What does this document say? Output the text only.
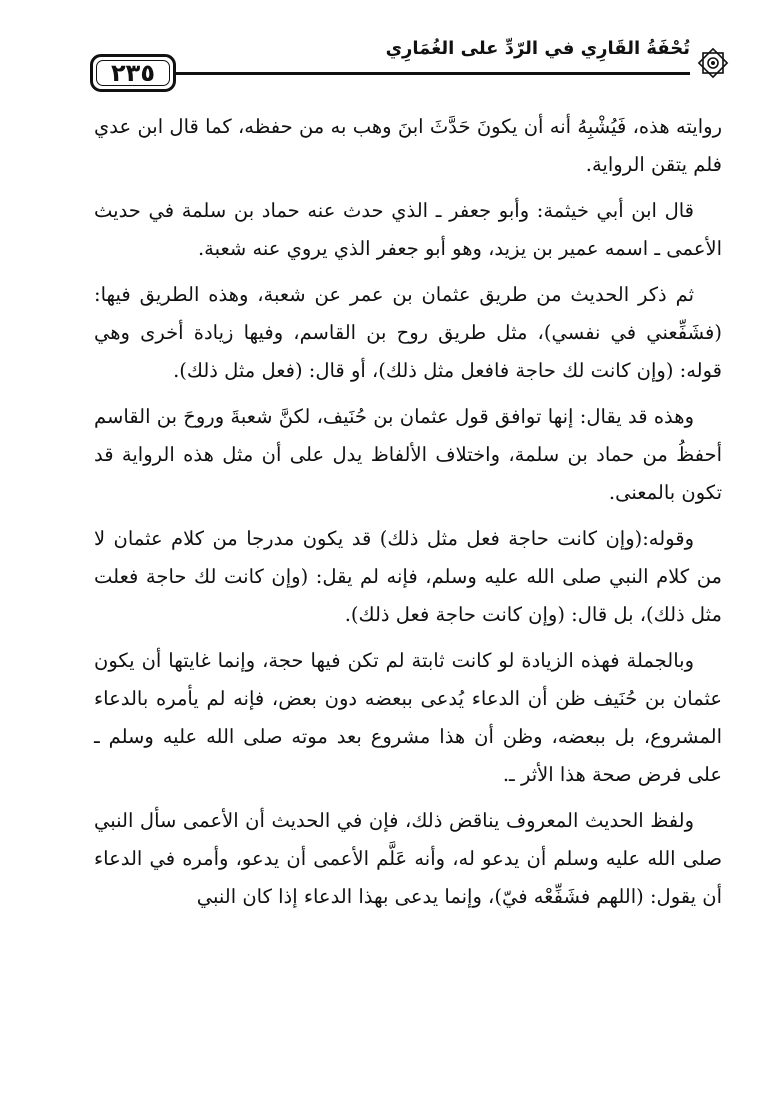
٢٣٥
تُحْفَةُ القَارِي في الرّدِّ على الغُمَارِي

روايته هذه، فَيُشْبِهُ أنه أن يكونَ حَدَّثَ ابنَ وهب به من حفظه، كما قال ابن عدي فلم يتقن الرواية.

قال ابن أبي خيثمة: وأبو جعفر ـ الذي حدث عنه حماد بن سلمة في حديث الأعمى ـ اسمه عمير بن يزيد، وهو أبو جعفر الذي يروي عنه شعبة.

ثم ذكر الحديث من طريق عثمان بن عمر عن شعبة، وهذه الطريق فيها: (فشَفِّعني في نفسي)، مثل طريق روح بن القاسم، وفيها زيادة أخرى وهي قوله: (وإن كانت لك حاجة فافعل مثل ذلك)، أو قال: (فعل مثل ذلك).

وهذه قد يقال: إنها توافق قول عثمان بن حُنَيف، لكنَّ شعبةَ وروحَ بن القاسم أحفظُ من حماد بن سلمة، واختلاف الألفاظ يدل على أن مثل هذه الرواية قد تكون بالمعنى.

وقوله:(وإن كانت حاجة فعل مثل ذلك) قد يكون مدرجا من كلام عثمان لا من كلام النبي صلى الله عليه وسلم، فإنه لم يقل: (وإن كانت لك حاجة فعلت مثل ذلك)، بل قال: (وإن كانت حاجة فعل ذلك).

وبالجملة فهذه الزيادة لو كانت ثابتة لم تكن فيها حجة، وإنما غايتها أن يكون عثمان بن حُنَيف ظن أن الدعاء يُدعى ببعضه دون بعض، فإنه لم يأمره بالدعاء المشروع، بل ببعضه، وظن أن هذا مشروع بعد موته صلى الله عليه وسلم ـ على فرض صحة هذا الأثر ـ.

ولفظ الحديث المعروف يناقض ذلك، فإن في الحديث أن الأعمى سأل النبي صلى الله عليه وسلم أن يدعو له، وأنه عَلَّم الأعمى أن يدعو، وأمره في الدعاء أن يقول: (اللهم فشَفِّعْه فيّ)، وإنما يدعى بهذا الدعاء إذا كان النبي
